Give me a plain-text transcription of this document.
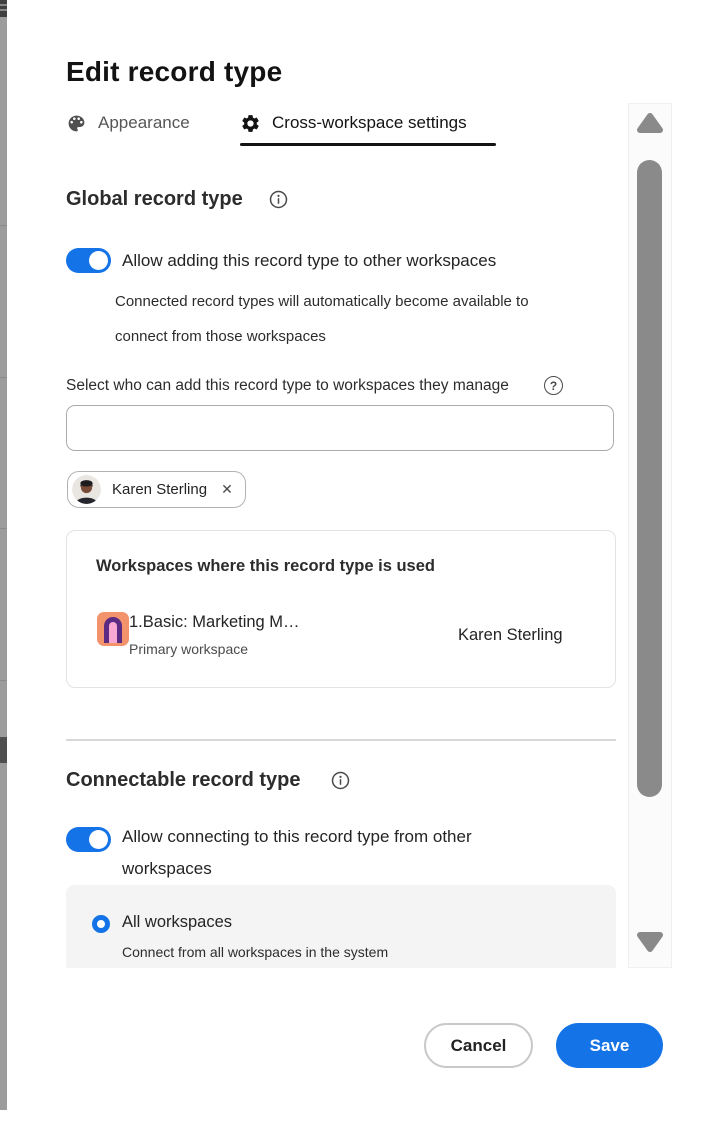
Edit record type
Appearance	Cross-workspace settings
Global record type
Allow adding this record type to other workspaces
Connected record types will automatically become available to
connect from those workspaces
Select who can add this record type to workspaces they manage	?
Karen Sterling ✕
Workspaces where this record type is used
1.Basic: Marketing M…
Primary workspace
Karen Sterling
Connectable record type
Allow connecting to this record type from other workspaces
All workspaces
Connect from all workspaces in the system
Cancel	Save
